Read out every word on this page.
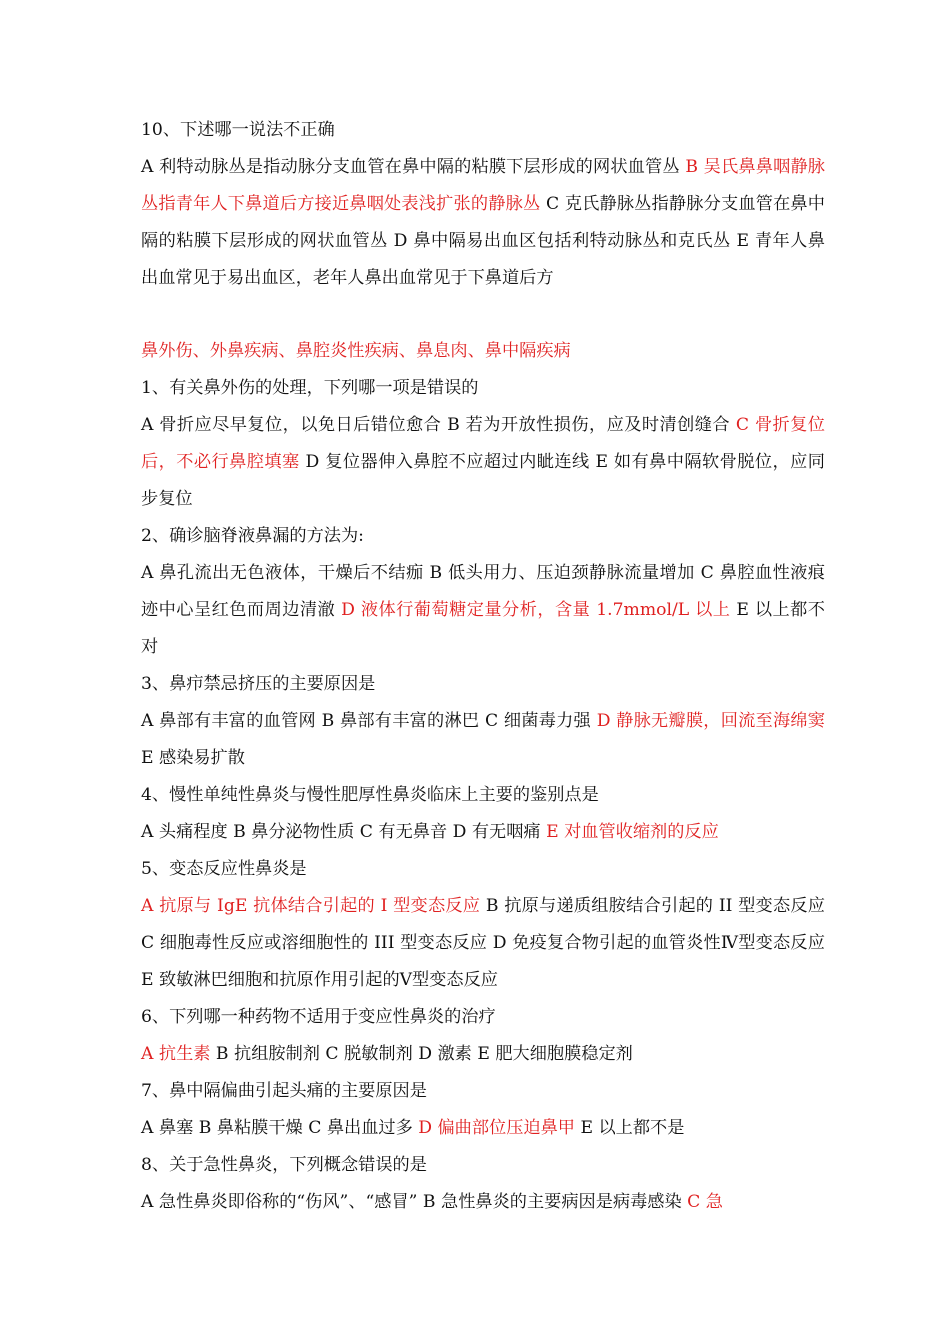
10、下述哪一说法不正确

A 利特动脉丛是指动脉分支血管在鼻中隔的粘膜下层形成的网状血管丛 B 吴氏鼻鼻咽静脉丛指青年人下鼻道后方接近鼻咽处表浅扩张的静脉丛 C 克氏静脉丛指静脉分支血管在鼻中隔的粘膜下层形成的网状血管丛 D 鼻中隔易出血区包括利特动脉丛和克氏丛 E 青年人鼻出血常见于易出血区，老年人鼻出血常见于下鼻道后方

鼻外伤、外鼻疾病、鼻腔炎性疾病、鼻息肉、鼻中隔疾病

1、有关鼻外伤的处理，下列哪一项是错误的

A 骨折应尽早复位，以免日后错位愈合 B 若为开放性损伤，应及时清创缝合 C 骨折复位后，不必行鼻腔填塞 D 复位器伸入鼻腔不应超过内眦连线 E 如有鼻中隔软骨脱位，应同步复位

2、确诊脑脊液鼻漏的方法为:

A 鼻孔流出无色液体，干燥后不结痂 B 低头用力、压迫颈静脉流量增加 C 鼻腔血性液痕迹中心呈红色而周边清澈 D 液体行葡萄糖定量分析，含量 1.7mmol/L 以上 E 以上都不对

3、鼻疖禁忌挤压的主要原因是

A 鼻部有丰富的血管网 B 鼻部有丰富的淋巴 C 细菌毒力强 D 静脉无瓣膜，回流至海绵窦 E 感染易扩散

4、慢性单纯性鼻炎与慢性肥厚性鼻炎临床上主要的鉴别点是

A 头痛程度 B 鼻分泌物性质 C 有无鼻音 D 有无咽痛 E 对血管收缩剂的反应

5、变态反应性鼻炎是

A 抗原与 IgE 抗体结合引起的 I 型变态反应 B 抗原与递质组胺结合引起的 II 型变态反应 C 细胞毒性反应或溶细胞性的 III 型变态反应 D 免疫复合物引起的血管炎性Ⅳ型变态反应 E 致敏淋巴细胞和抗原作用引起的Ⅴ型变态反应

6、下列哪一种药物不适用于变应性鼻炎的治疗

A 抗生素 B 抗组胺制剂 C 脱敏制剂 D 激素 E 肥大细胞膜稳定剂

7、鼻中隔偏曲引起头痛的主要原因是

A 鼻塞 B 鼻粘膜干燥 C 鼻出血过多 D 偏曲部位压迫鼻甲 E 以上都不是

8、关于急性鼻炎，下列概念错误的是

A 急性鼻炎即俗称的“伤风”、“感冒” B 急性鼻炎的主要病因是病毒感染 C 急
